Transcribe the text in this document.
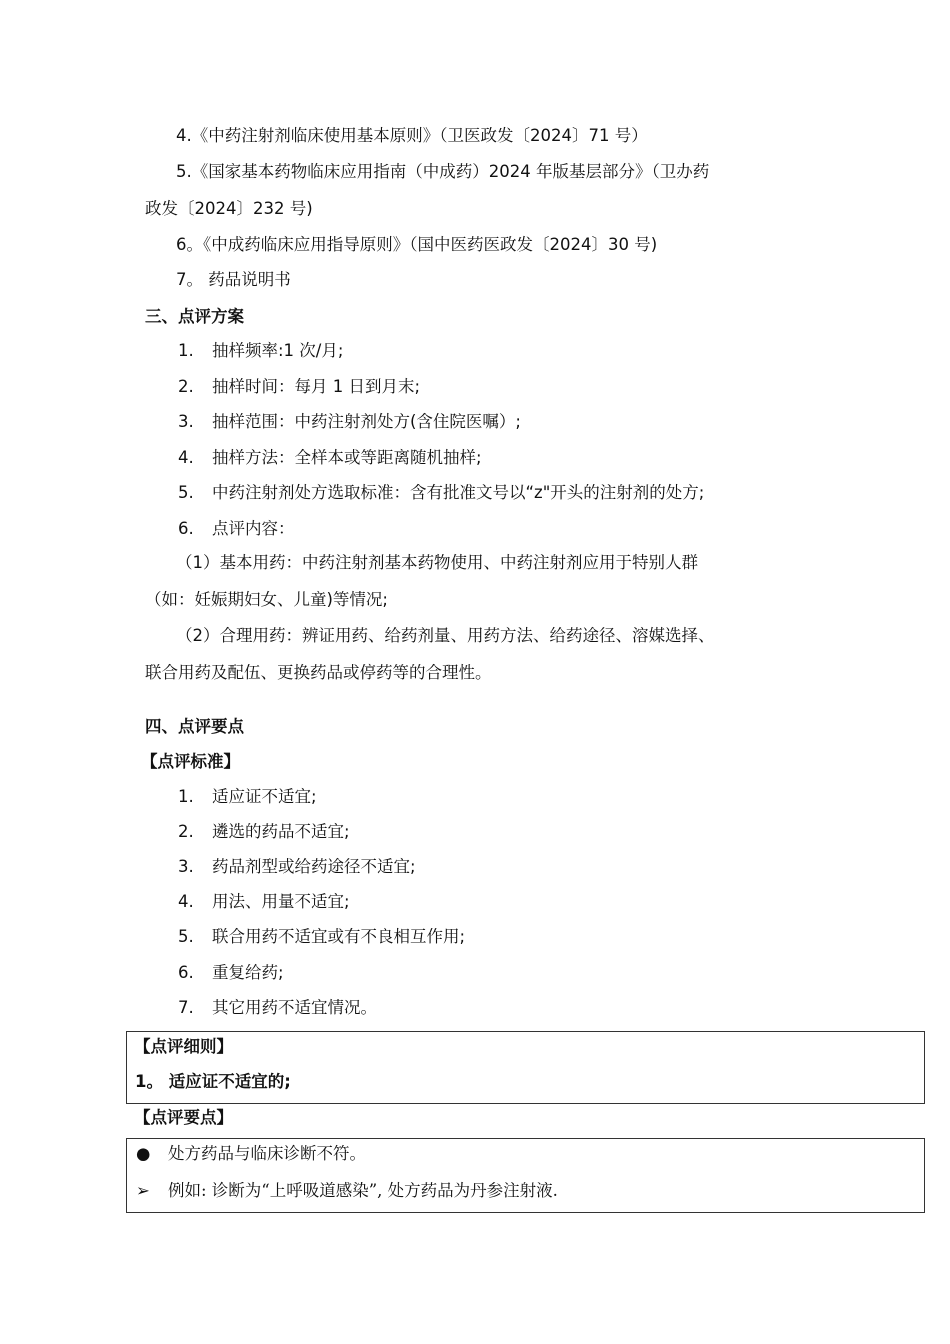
4.《中药注射剂临床使用基本原则》（卫医政发〔2024〕71 号）
5.《国家基本药物临床应用指南（中成药）2024 年版基层部分》（卫办药
政发〔2024〕232 号)
6。《中成药临床应用指导原则》（国中医药医政发〔2024〕30 号)
7。 药品说明书
三、点评方案
1. 抽样频率:1 次/月;
2. 抽样时间：每月 1 日到月末;
3. 抽样范围：中药注射剂处方(含住院医嘱）;
4. 抽样方法：全样本或等距离随机抽样;
5. 中药注射剂处方选取标准：含有批准文号以“z"开头的注射剂的处方;
6. 点评内容：
（1）基本用药：中药注射剂基本药物使用、中药注射剂应用于特别人群
（如：妊娠期妇女、儿童)等情况;
（2）合理用药：辨证用药、给药剂量、用药方法、给药途径、溶媒选择、
联合用药及配伍、更换药品或停药等的合理性。
四、点评要点
【点评标准】
1. 适应证不适宜;
2. 遴选的药品不适宜;
3. 药品剂型或给药途径不适宜;
4. 用法、用量不适宜;
5. 联合用药不适宜或有不良相互作用;
6. 重复给药;
7. 其它用药不适宜情况。
【点评细则】
1。 适应证不适宜的;
【点评要点】
● 处方药品与临床诊断不符。
➢ 例如: 诊断为“上呼吸道感染”, 处方药品为丹参注射液.
